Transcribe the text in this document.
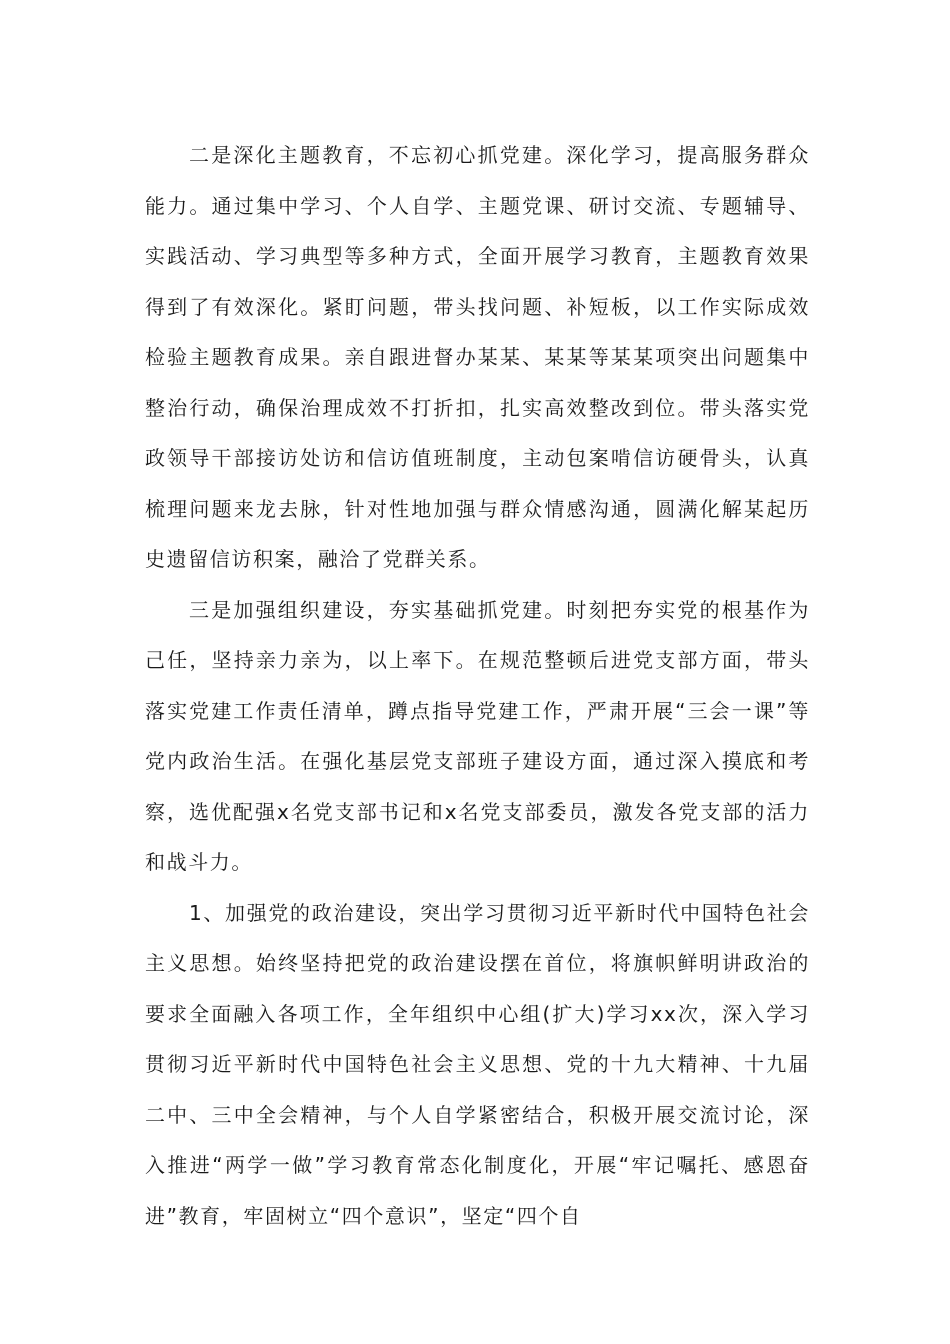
二是深化主题教育，不忘初心抓党建。深化学习，提高服务群众能力。通过集中学习、个人自学、主题党课、研讨交流、专题辅导、实践活动、学习典型等多种方式，全面开展学习教育，主题教育效果得到了有效深化。紧盯问题，带头找问题、补短板，以工作实际成效检验主题教育成果。亲自跟进督办某某、某某等某某项突出问题集中整治行动，确保治理成效不打折扣，扎实高效整改到位。带头落实党政领导干部接访处访和信访值班制度，主动包案啃信访硬骨头，认真梳理问题来龙去脉，针对性地加强与群众情感沟通，圆满化解某起历史遗留信访积案，融洽了党群关系。

三是加强组织建设，夯实基础抓党建。时刻把夯实党的根基作为己任，坚持亲力亲为，以上率下。在规范整顿后进党支部方面，带头落实党建工作责任清单，蹲点指导党建工作，严肃开展“三会一课”等党内政治生活。在强化基层党支部班子建设方面，通过深入摸底和考察，选优配强x名党支部书记和x名党支部委员，激发各党支部的活力和战斗力。

1、加强党的政治建设，突出学习贯彻习近平新时代中国特色社会主义思想。始终坚持把党的政治建设摆在首位，将旗帜鲜明讲政治的要求全面融入各项工作，全年组织中心组(扩大)学习xx次，深入学习贯彻习近平新时代中国特色社会主义思想、党的十九大精神、十九届二中、三中全会精神，与个人自学紧密结合，积极开展交流讨论，深入推进“两学一做”学习教育常态化制度化，开展“牢记嘱托、感恩奋进”教育，牢固树立“四个意识”，坚定“四个自
